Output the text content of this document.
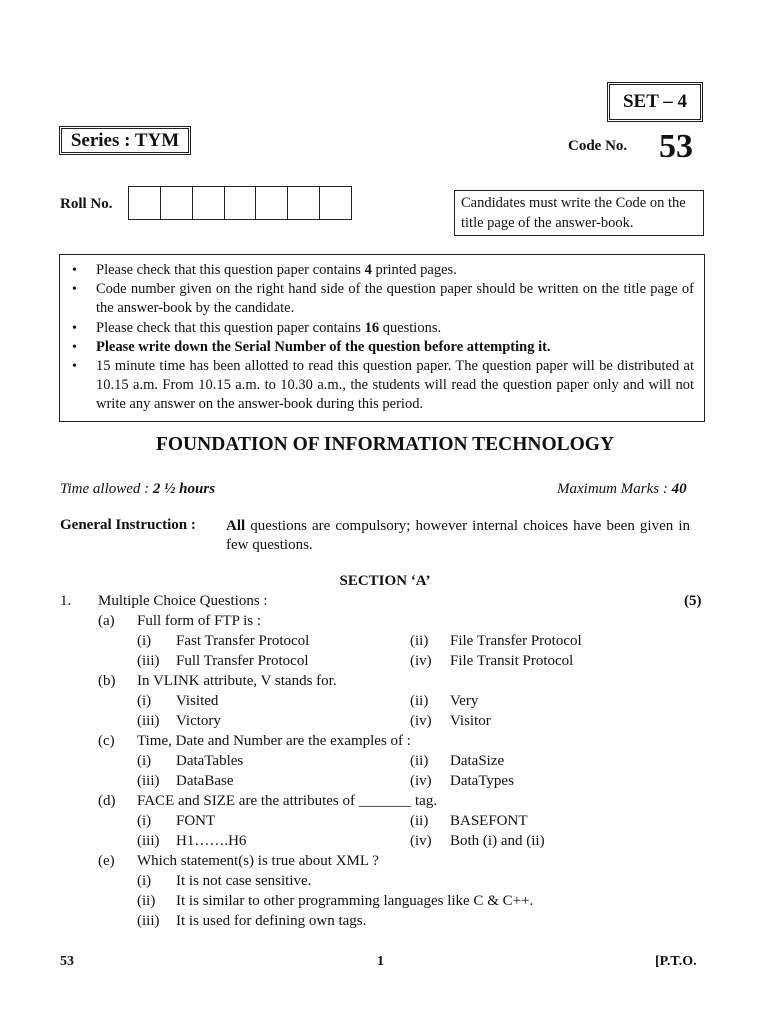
SET – 4
Series : TYM	Code No. 53
Roll No.	Candidates must write the Code on the title page of the answer-book.
• Please check that this question paper contains 4 printed pages.
• Code number given on the right hand side of the question paper should be written on the title page of the answer-book by the candidate.
• Please check that this question paper contains 16 questions.
• Please write down the Serial Number of the question before attempting it.
• 15 minute time has been allotted to read this question paper. The question paper will be distributed at 10.15 a.m. From 10.15 a.m. to 10.30 a.m., the students will read the question paper only and will not write any answer on the answer-book during this period.
FOUNDATION OF INFORMATION TECHNOLOGY
Time allowed : 2 ½ hours	Maximum Marks : 40
General Instruction : All questions are compulsory; however internal choices have been given in few questions.
SECTION ‘A’
1. Multiple Choice Questions :	(5)
(a) Full form of FTP is :
(i) Fast Transfer Protocol	(ii) File Transfer Protocol
(iii) Full Transfer Protocol	(iv) File Transit Protocol
(b) In VLINK attribute, V stands for.
(i) Visited	(ii) Very
(iii) Victory	(iv) Visitor
(c) Time, Date and Number are the examples of :
(i) DataTables	(ii) DataSize
(iii) DataBase	(iv) DataTypes
(d) FACE and SIZE are the attributes of _______ tag.
(i) FONT	(ii) BASEFONT
(iii) H1…….H6	(iv) Both (i) and (ii)
(e) Which statement(s) is true about XML ?
(i) It is not case sensitive.
(ii) It is similar to other programming languages like C & C++.
(iii) It is used for defining own tags.
53	1	[P.T.O.
